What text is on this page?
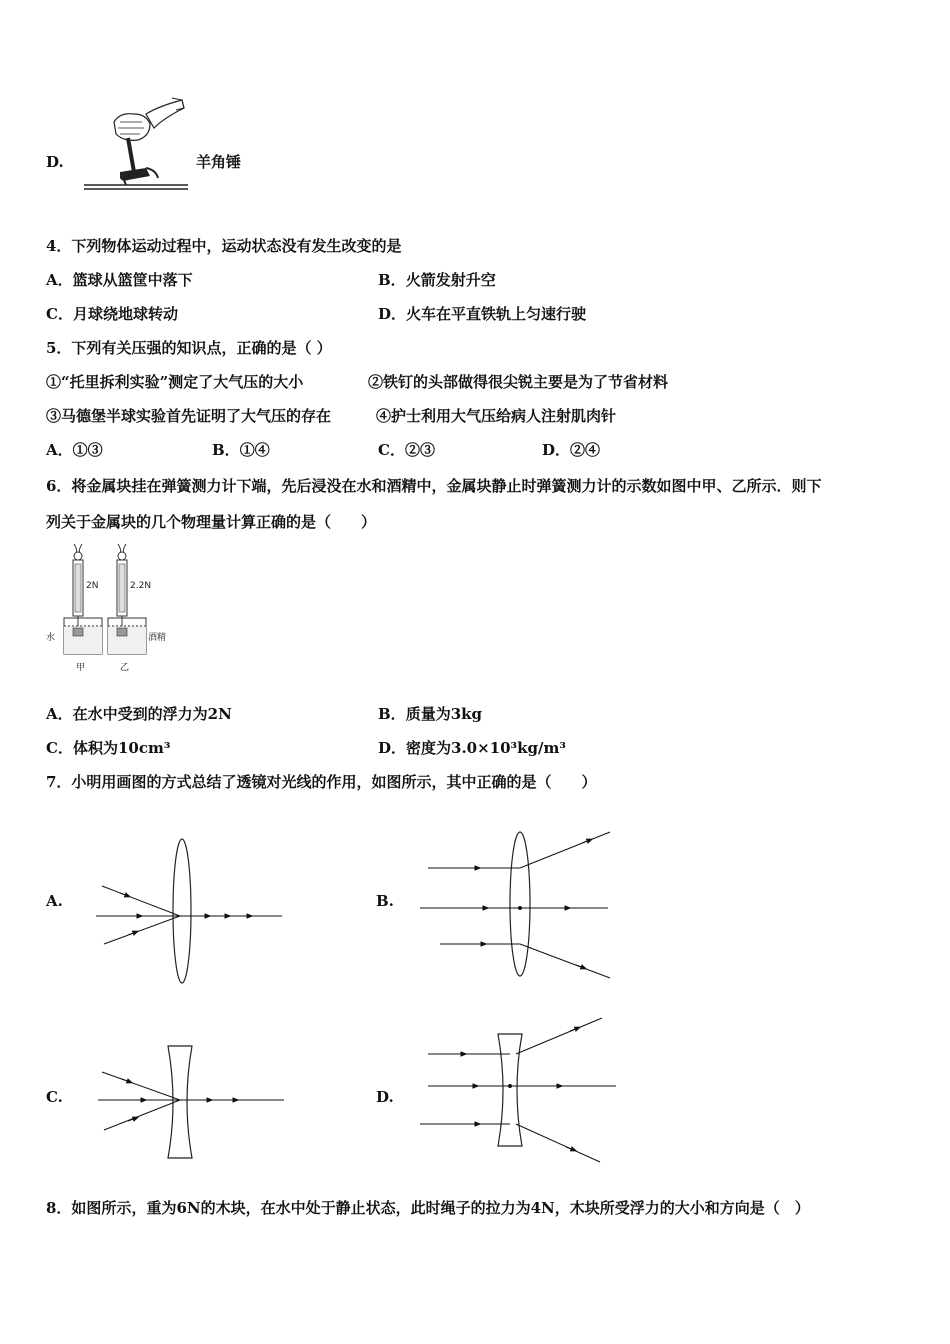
D.	羊角锤
4．下列物体运动过程中，运动状态没有发生改变的是
A．篮球从篮筐中落下	B．火箭发射升空
C．月球绕地球转动	D．火车在平直铁轨上匀速行驶
5．下列有关压强的知识点，正确的是（ ）
①“托里拆利实验”测定了大气压的大小	②铁钉的头部做得很尖锐主要是为了节省材料
③马德堡半球实验首先证明了大气压的存在	④护士利用大气压给病人注射肌肉针
A．①③	B．①④	C．②③	D．②④
6．将金属块挂在弹簧测力计下端，先后浸没在水和酒精中，金属块静止时弹簧测力计的示数如图中甲、乙所示．则下
列关于金属块的几个物理量计算正确的是（　　）
2N	2.2N
水	酒精
甲	乙
A．在水中受到的浮力为2N	B．质量为3kg
C．体积为10cm³	D．密度为3.0×10³kg/m³
7．小明用画图的方式总结了透镜对光线的作用，如图所示，其中正确的是（　　）
A.	B.
C.	D.
8．如图所示，重为6N的木块，在水中处于静止状态，此时绳子的拉力为4N，木块所受浮力的大小和方向是（　）
